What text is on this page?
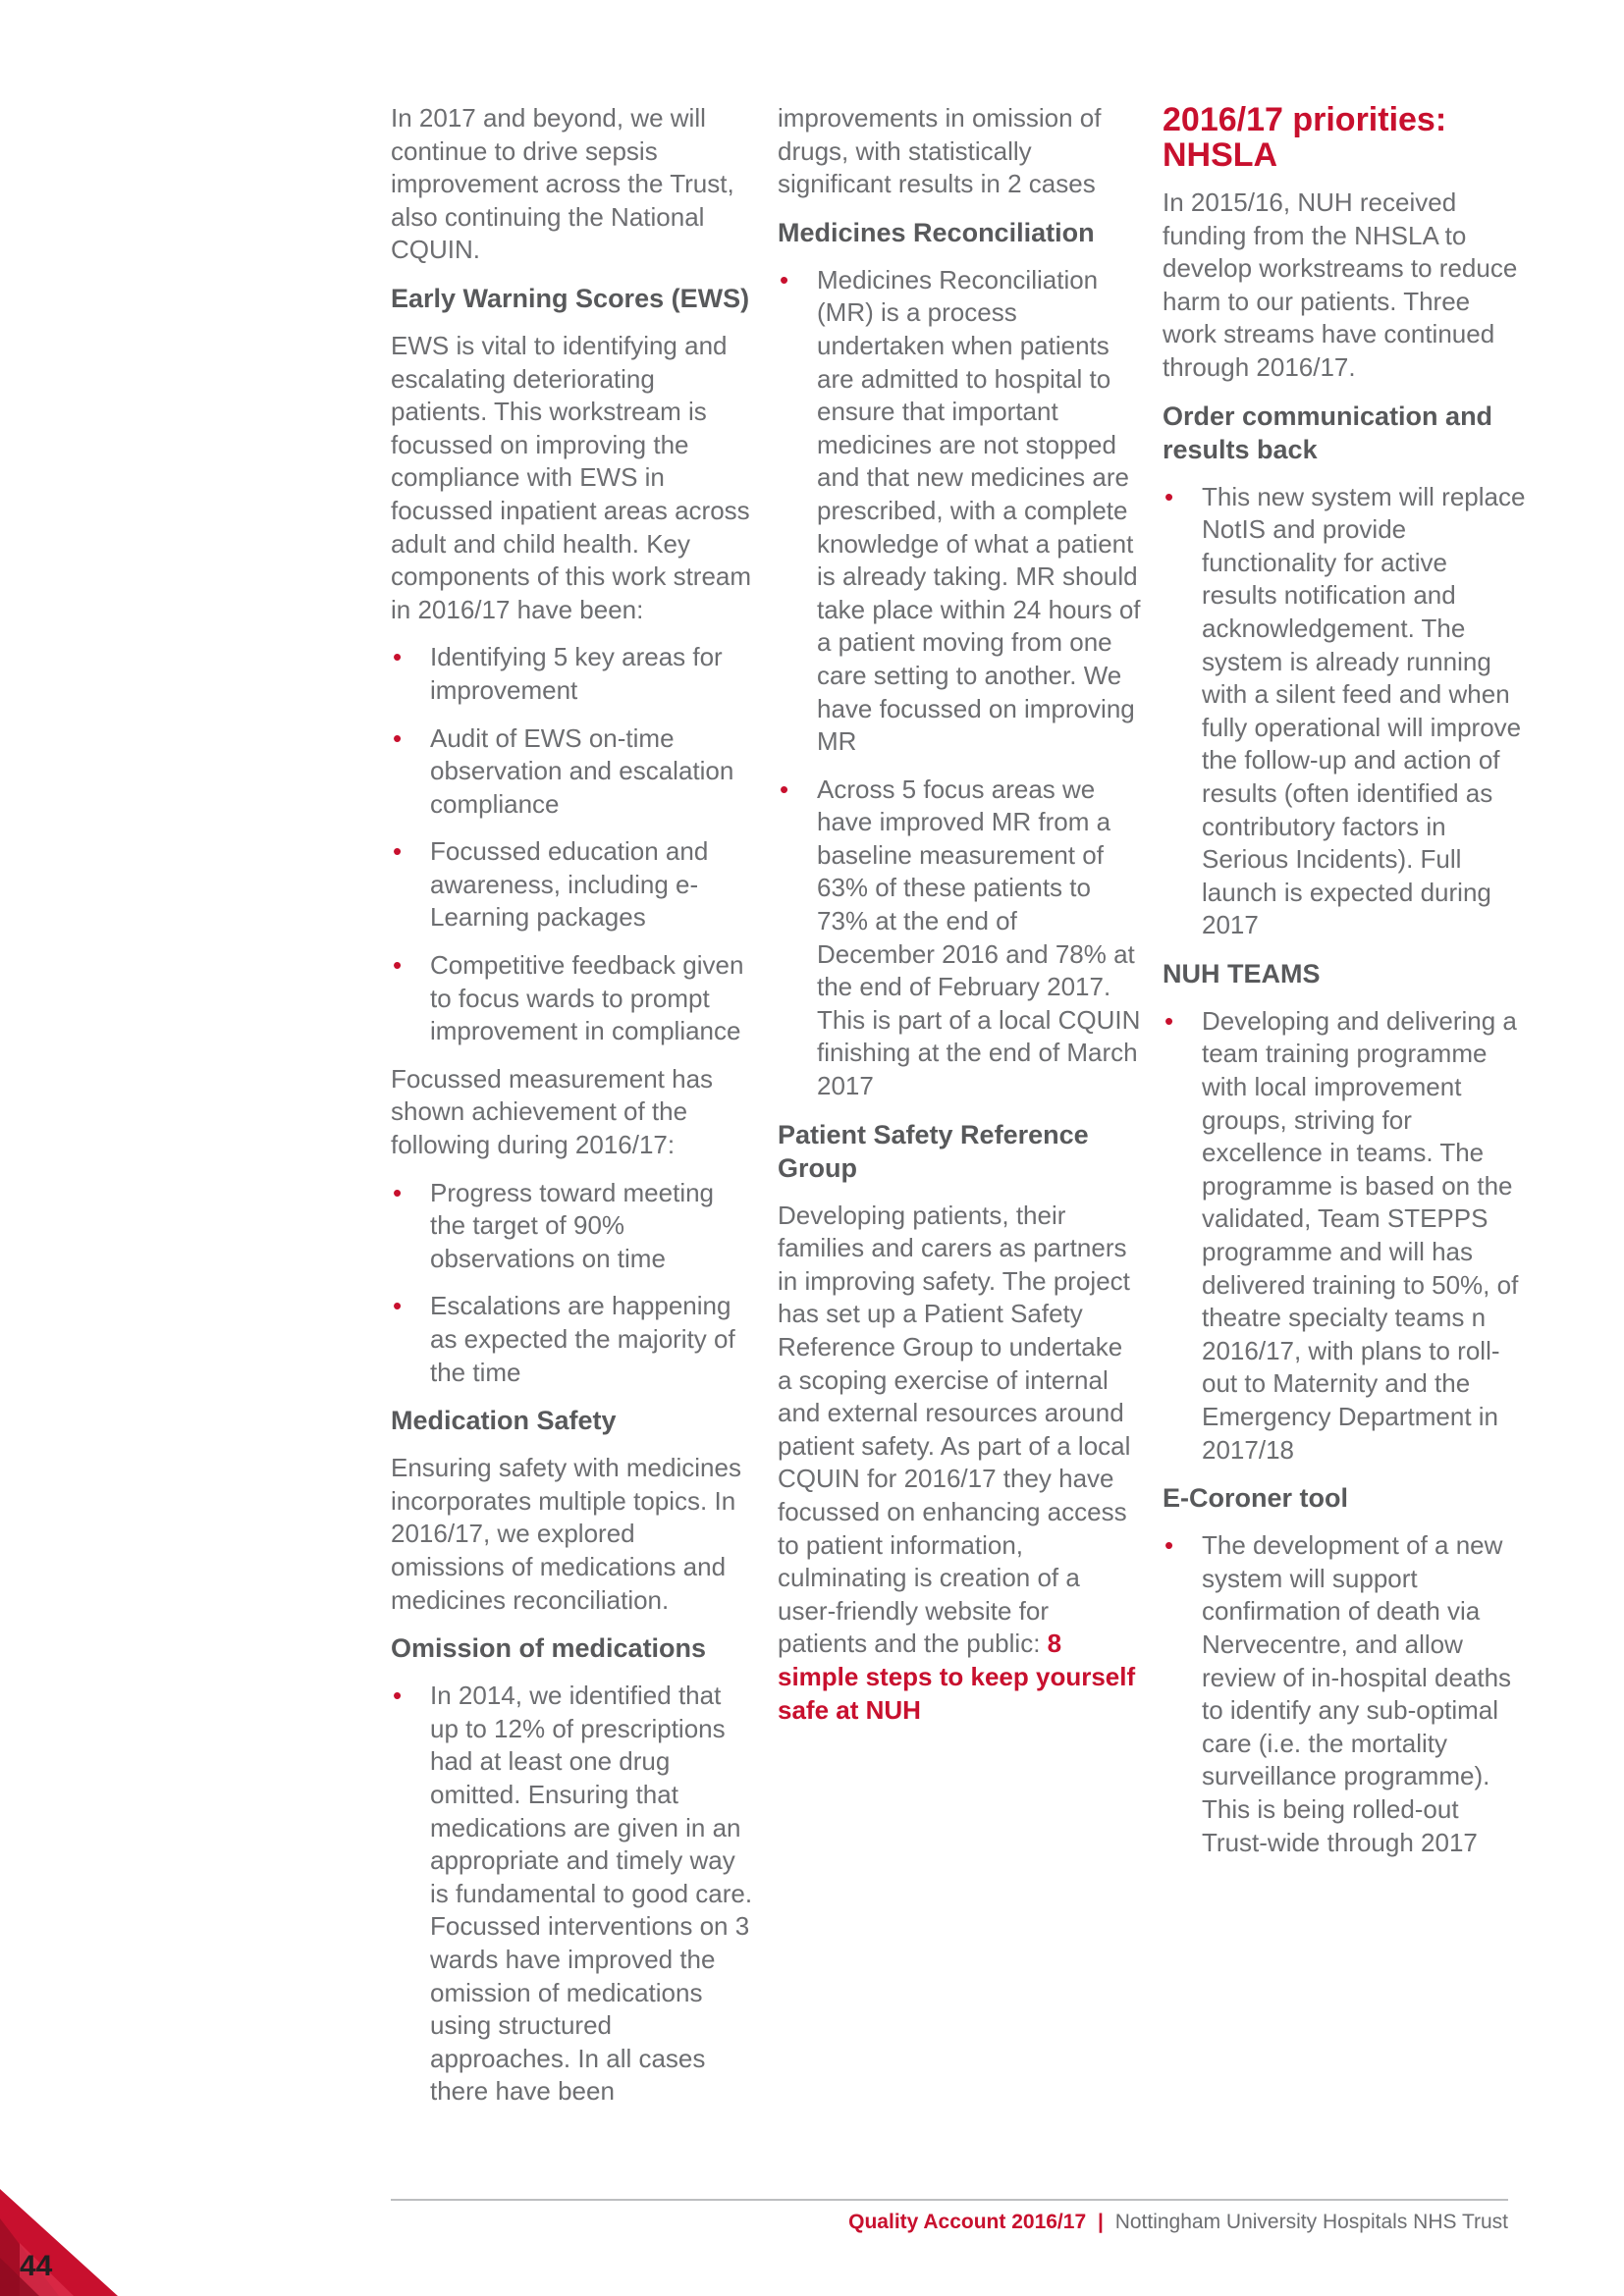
In 2017 and beyond, we will continue to drive sepsis improvement across the Trust, also continuing the National CQUIN.

Early Warning Scores (EWS)

EWS is vital to identifying and escalating deteriorating patients. This workstream is focussed on improving the compliance with EWS in focussed inpatient areas across adult and child health. Key components of this work stream in 2016/17 have been:

• Identifying 5 key areas for improvement
• Audit of EWS on-time observation and escalation compliance
• Focussed education and awareness, including e-Learning packages
• Competitive feedback given to focus wards to prompt improvement in compliance

Focussed measurement has shown achievement of the following during 2016/17:

• Progress toward meeting the target of 90% observations on time
• Escalations are happening as expected the majority of the time
Medication Safety

Ensuring safety with medicines incorporates multiple topics. In 2016/17, we explored omissions of medications and medicines reconciliation.

Omission of medications
• In 2014, we identified that up to 12% of prescriptions had at least one drug omitted. Ensuring that medications are given in an appropriate and timely way is fundamental to good care. Focussed interventions on 3 wards have improved the omission of medications using structured approaches. In all cases there have been
improvements in omission of drugs, with statistically significant results in 2 cases
Medicines Reconciliation
• Medicines Reconciliation (MR) is a process undertaken when patients are admitted to hospital to ensure that important medicines are not stopped and that new medicines are prescribed, with a complete knowledge of what a patient is already taking. MR should take place within 24 hours of a patient moving from one care setting to another. We have focussed on improving MR
• Across 5 focus areas we have improved MR from a baseline measurement of 63% of these patients to 73% at the end of December 2016 and 78% at the end of February 2017. This is part of a local CQUIN finishing at the end of March 2017
Patient Safety Reference Group

Developing patients, their families and carers as partners in improving safety. The project has set up a Patient Safety Reference Group to undertake a scoping exercise of internal and external resources around patient safety. As part of a local CQUIN for 2016/17 they have focussed on enhancing access to patient information, culminating is creation of a user-friendly website for patients and the public: 8 simple steps to keep yourself safe at NUH

2016/17 priorities: NHSLA

In 2015/16, NUH received funding from the NHSLA to develop workstreams to reduce harm to our patients. Three work streams have continued through 2016/17.

Order communication and results back
• This new system will replace NotIS and provide functionality for active results notification and acknowledgement. The system is already running with a silent feed and when fully operational will improve the follow-up and action of results (often identified as contributory factors in Serious Incidents). Full launch is expected during 2017
NUH TEAMS
• Developing and delivering a team training programme with local improvement groups, striving for excellence in teams. The programme is based on the validated, Team STEPPS programme and will has delivered training to 50%, of theatre specialty teams n 2016/17, with plans to roll-out to Maternity and the Emergency Department in 2017/18
E-Coroner tool
• The development of a new system will support confirmation of death via Nervecentre, and allow review of in-hospital deaths to identify any sub-optimal care (i.e. the mortality surveillance programme). This is being rolled-out Trust-wide through 2017
Quality Account 2016/17 | Nottingham University Hospitals NHS Trust
44
